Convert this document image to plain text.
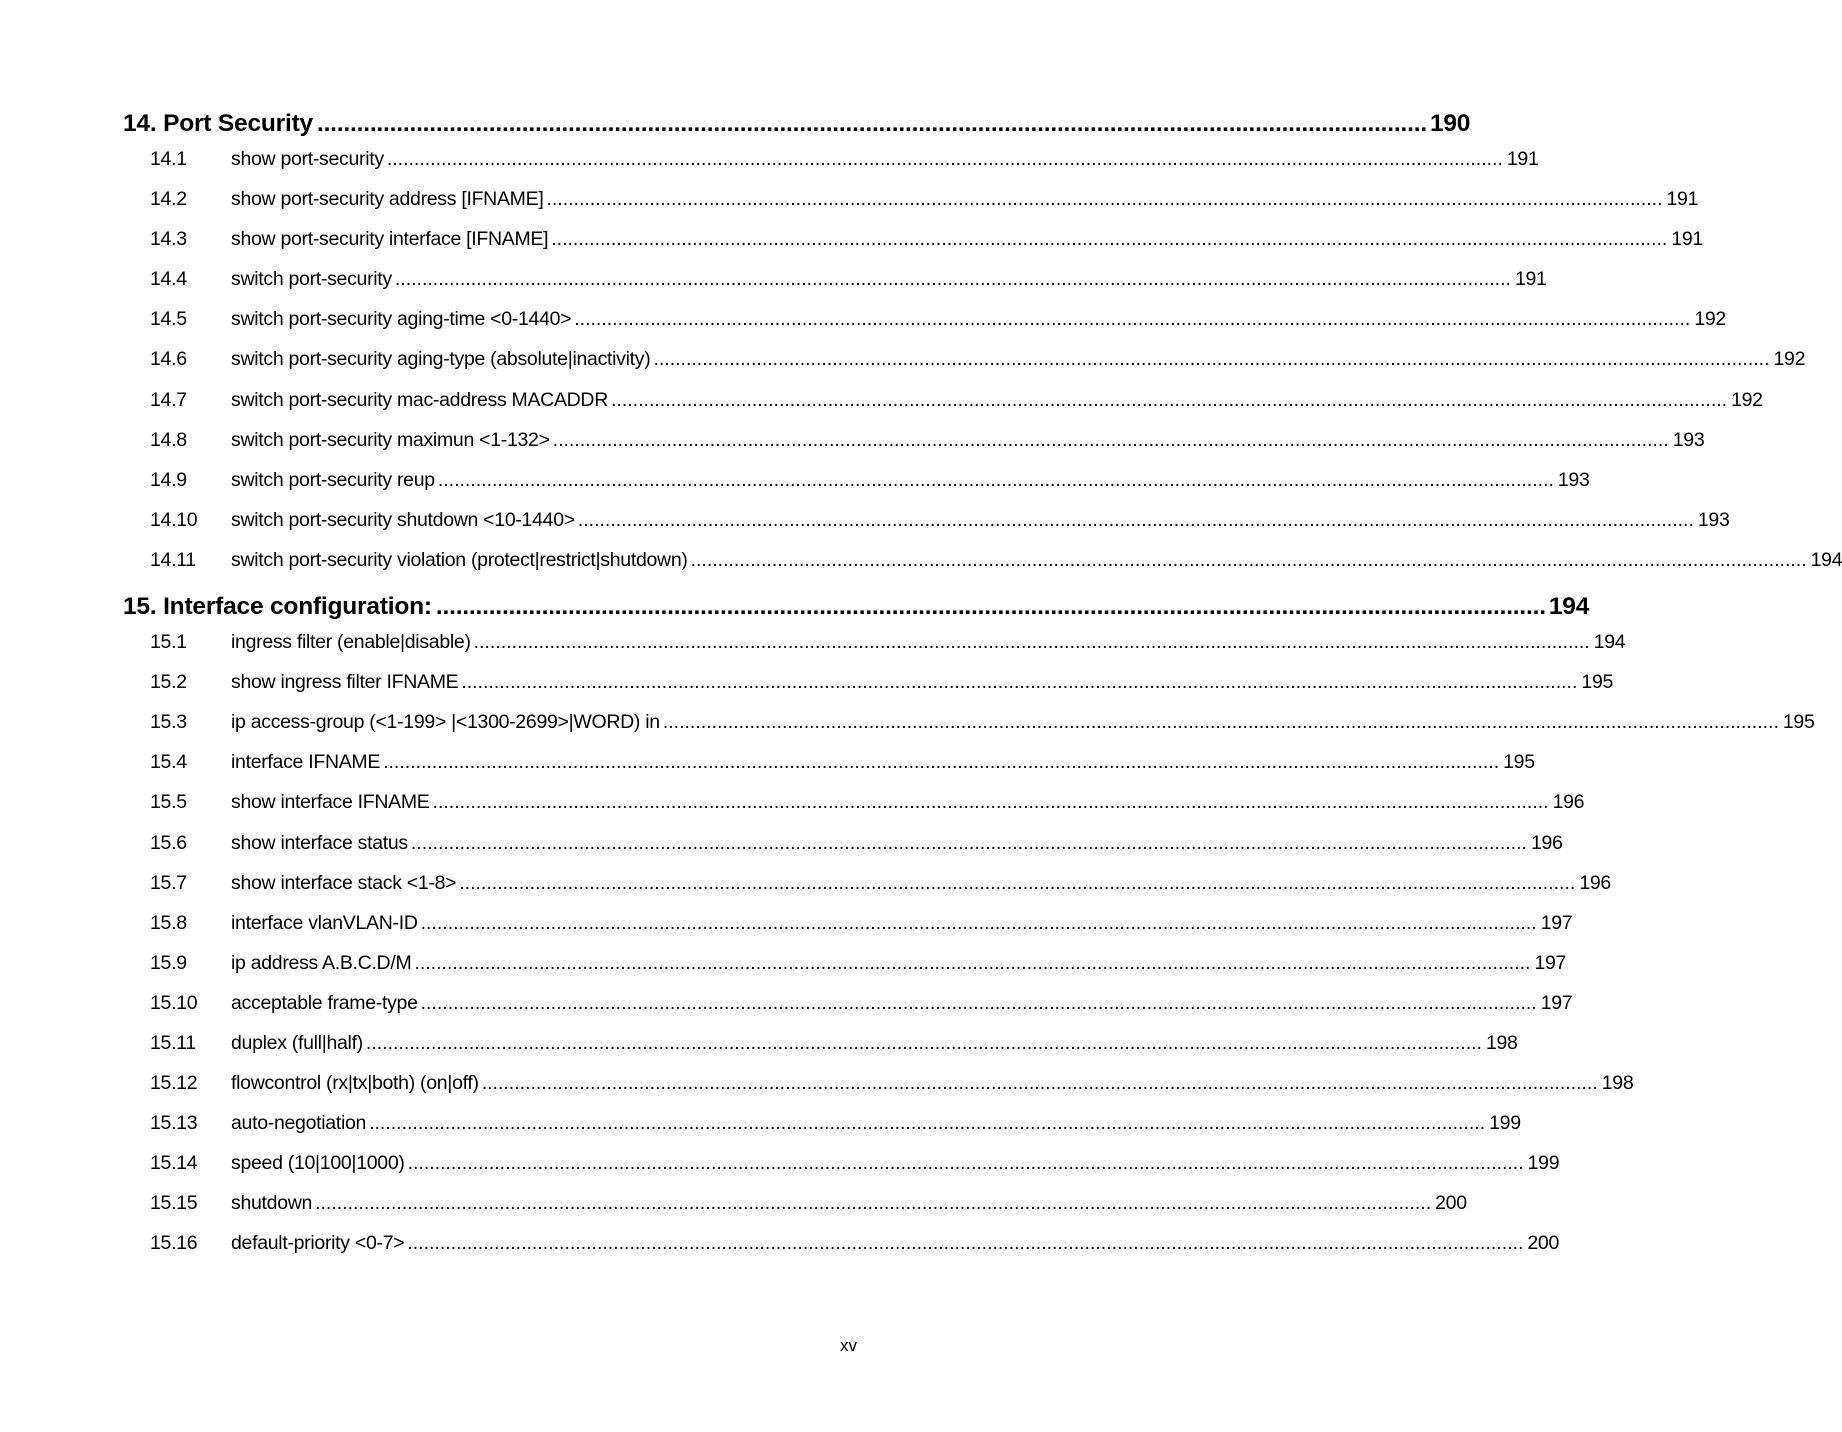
14. Port Security ........................................................................................................................................................................ 190
14.1	show port-security .............................................................................................................................................................................................................. 191
14.2	show port-security address [IFNAME] .............................................................................................................................................................................................................. 191
14.3	show port-security interface [IFNAME] .............................................................................................................................................................................................................. 191
14.4	switch port-security .............................................................................................................................................................................................................. 191
14.5	switch port-security aging-time <0-1440> .............................................................................................................................................................................................................. 192
14.6	switch port-security aging-type (absolute|inactivity) .............................................................................................................................................................................................................. 192
14.7	switch port-security mac-address MACADDR .............................................................................................................................................................................................................. 192
14.8	switch port-security maximun <1-132> .............................................................................................................................................................................................................. 193
14.9	switch port-security reup .............................................................................................................................................................................................................. 193
14.10	switch port-security shutdown <10-1440> .............................................................................................................................................................................................................. 193
14.11	switch port-security violation (protect|restrict|shutdown) .............................................................................................................................................................................................................. 194
15. Interface configuration: ........................................................................................................................................................................ 194
15.1	ingress filter (enable|disable) .............................................................................................................................................................................................................. 194
15.2	show ingress filter IFNAME .............................................................................................................................................................................................................. 195
15.3	ip access-group (<1-199> |<1300-2699>|WORD) in .............................................................................................................................................................................................................. 195
15.4	interface IFNAME .............................................................................................................................................................................................................. 195
15.5	show interface IFNAME .............................................................................................................................................................................................................. 196
15.6	show interface status .............................................................................................................................................................................................................. 196
15.7	show interface stack <1-8> .............................................................................................................................................................................................................. 196
15.8	interface vlanVLAN-ID .............................................................................................................................................................................................................. 197
15.9	ip address A.B.C.D/M .............................................................................................................................................................................................................. 197
15.10	acceptable frame-type .............................................................................................................................................................................................................. 197
15.11	duplex (full|half) .............................................................................................................................................................................................................. 198
15.12	flowcontrol (rx|tx|both) (on|off) .............................................................................................................................................................................................................. 198
15.13	auto-negotiation .............................................................................................................................................................................................................. 199
15.14	speed (10|100|1000) .............................................................................................................................................................................................................. 199
15.15	shutdown .............................................................................................................................................................................................................. 200
15.16	default-priority <0-7> .............................................................................................................................................................................................................. 200
xv
